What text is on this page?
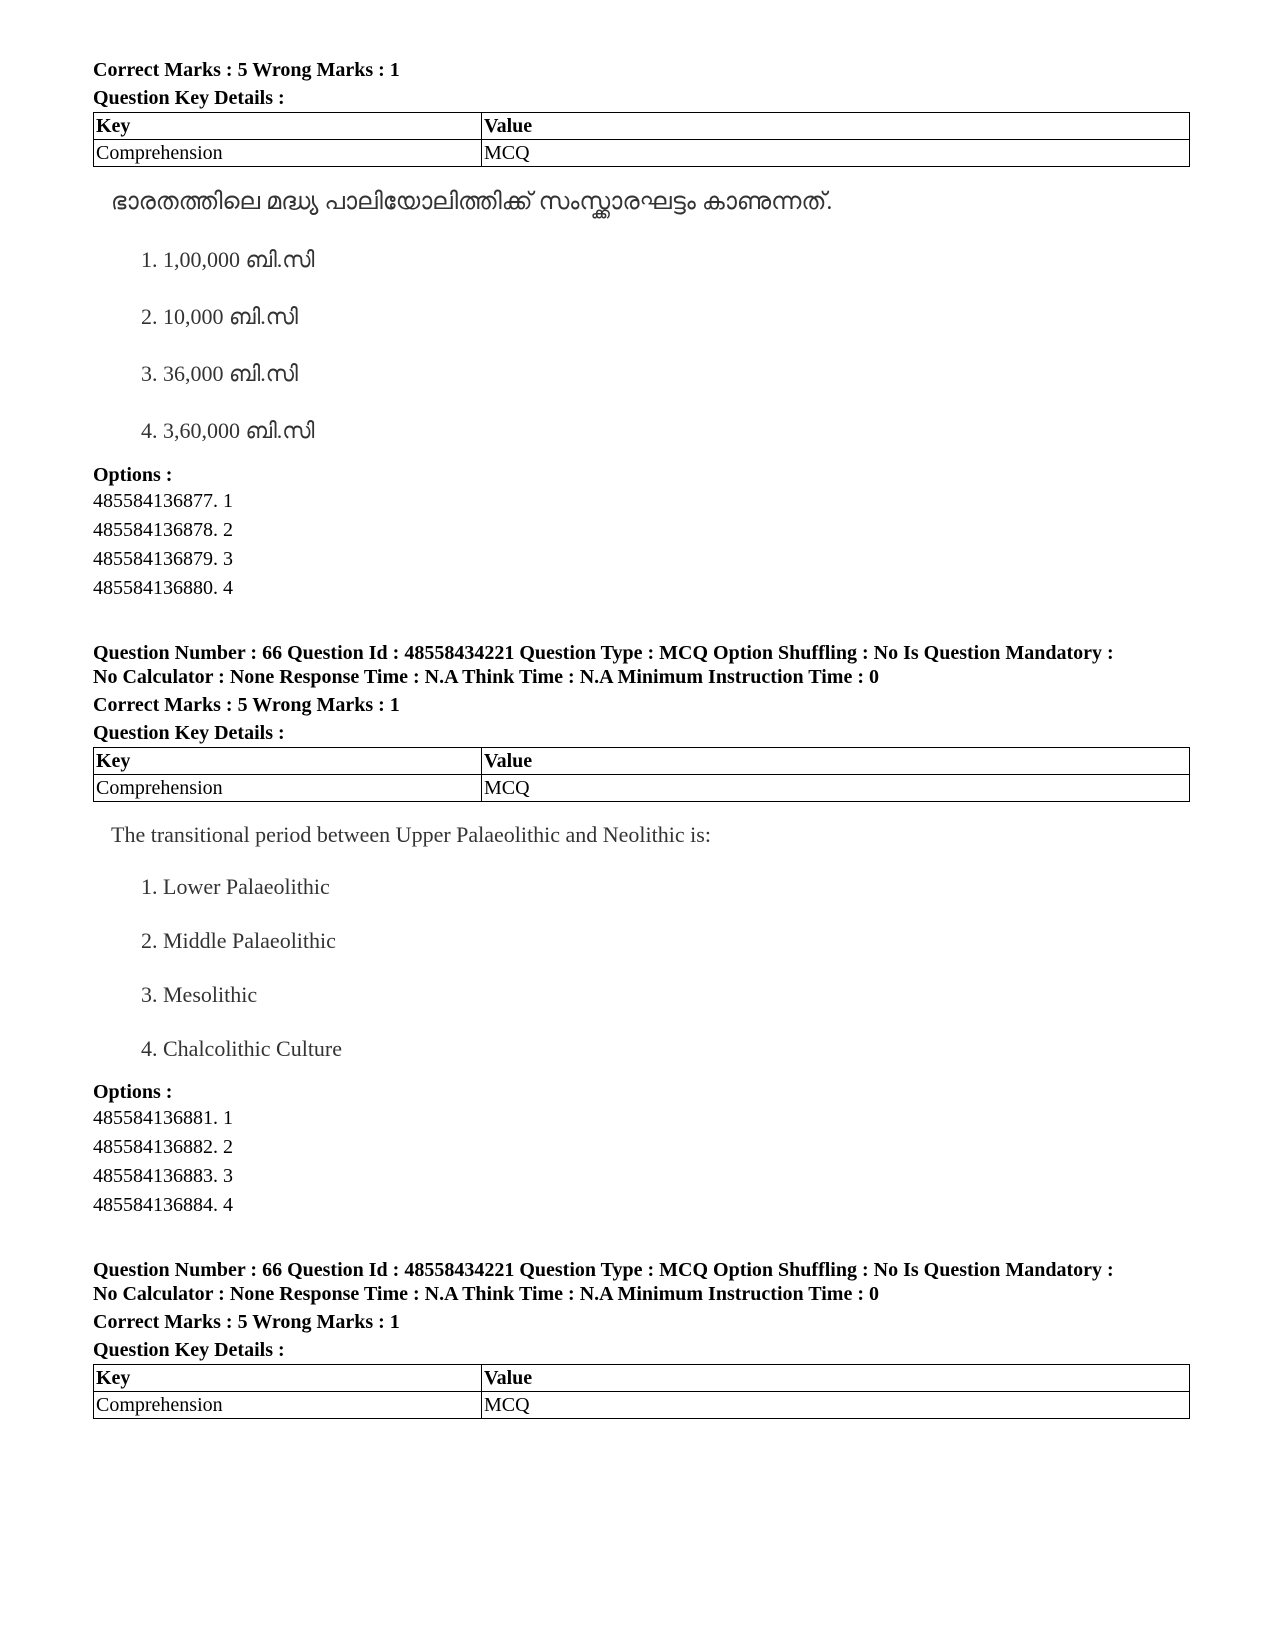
Correct Marks : 5 Wrong Marks : 1
Question Key Details :
Key	Value
Comprehension	MCQ
ഭാരതത്തിലെ മദ്ധ്യ പാലിയോലിത്തിക്ക് സംസ്ക്കാരഘട്ടം കാണുന്നത്.
1. 1,00,000 ബി.സി
2. 10,000 ബി.സി
3. 36,000 ബി.സി
4. 3,60,000 ബി.സി
Options :
485584136877. 1
485584136878. 2
485584136879. 3
485584136880. 4
Question Number : 66 Question Id : 48558434221 Question Type : MCQ Option Shuffling : No Is Question Mandatory :
No Calculator : None Response Time : N.A Think Time : N.A Minimum Instruction Time : 0
Correct Marks : 5 Wrong Marks : 1
Question Key Details :
Key	Value
Comprehension	MCQ
The transitional period between Upper Palaeolithic and Neolithic is:
1. Lower Palaeolithic
2. Middle Palaeolithic
3. Mesolithic
4. Chalcolithic Culture
Options :
485584136881. 1
485584136882. 2
485584136883. 3
485584136884. 4
Question Number : 66 Question Id : 48558434221 Question Type : MCQ Option Shuffling : No Is Question Mandatory :
No Calculator : None Response Time : N.A Think Time : N.A Minimum Instruction Time : 0
Correct Marks : 5 Wrong Marks : 1
Question Key Details :
Key	Value
Comprehension	MCQ
